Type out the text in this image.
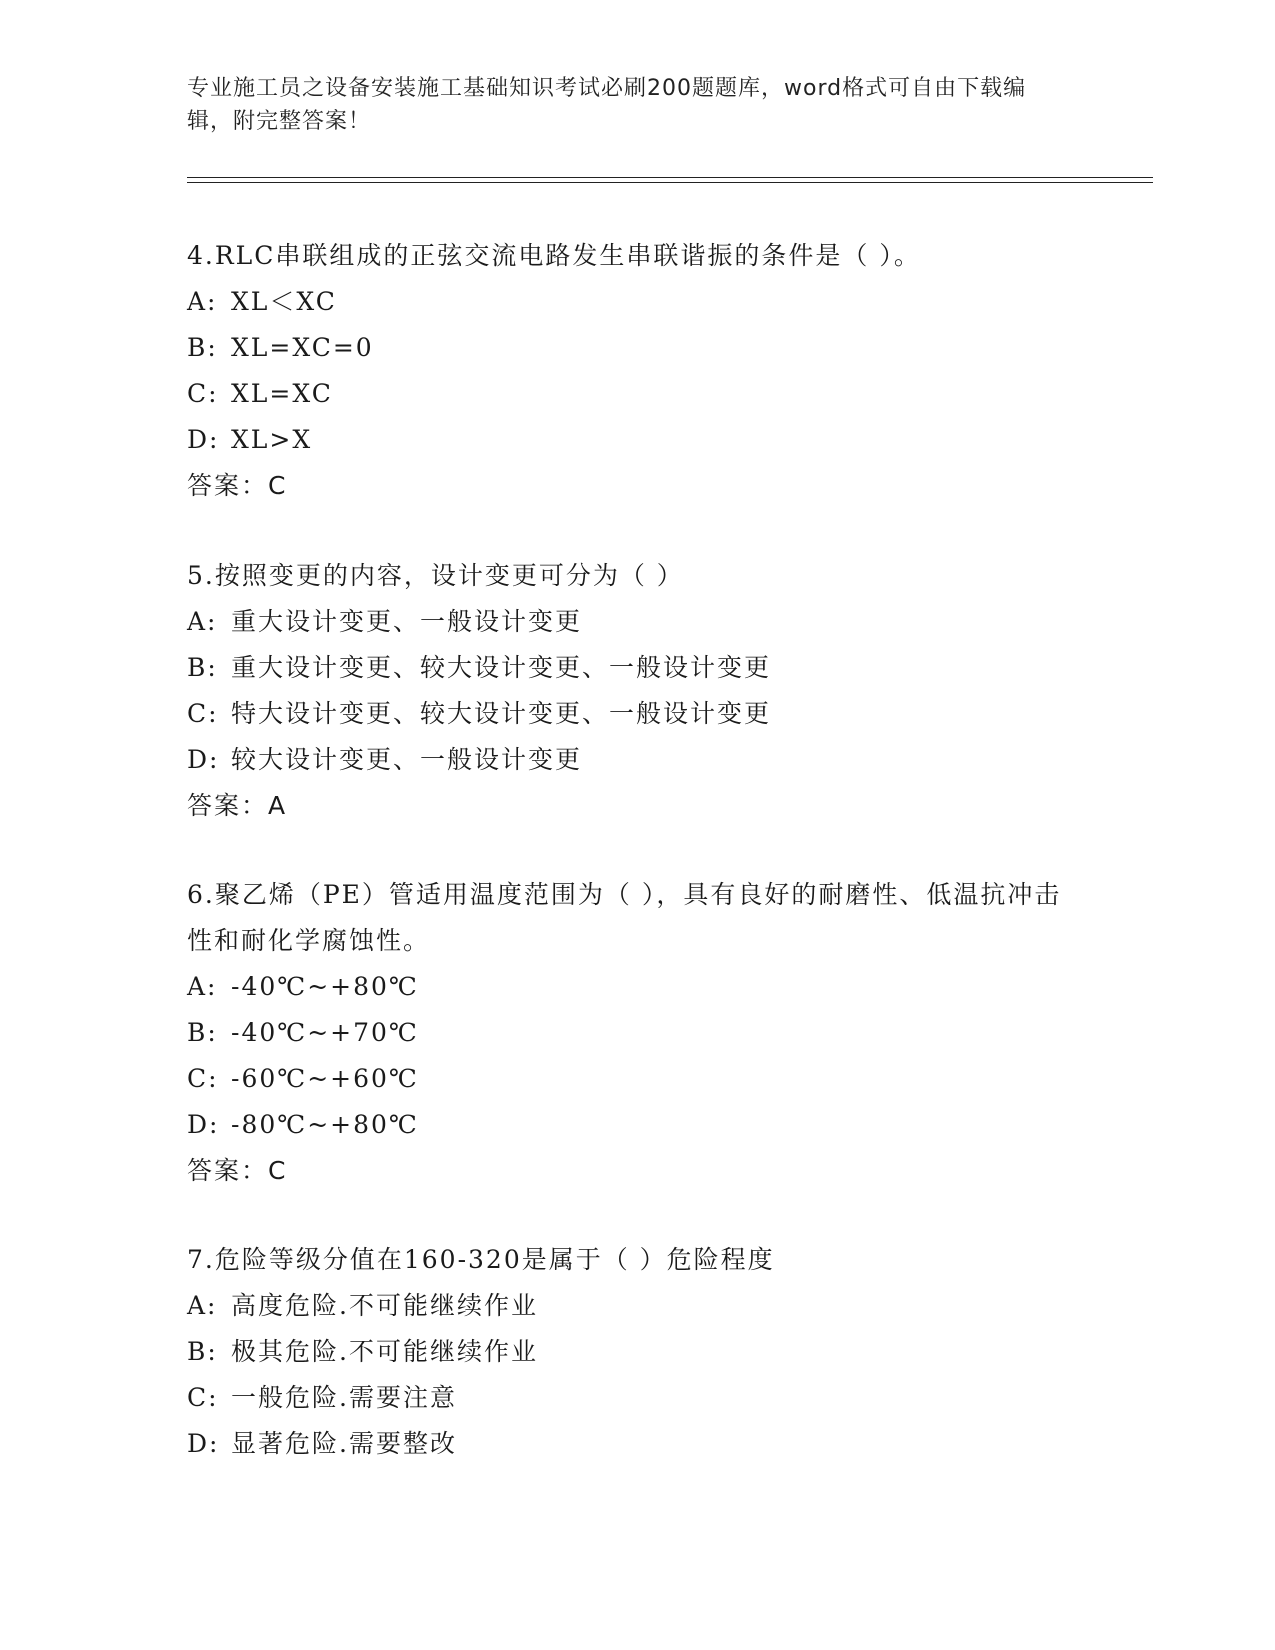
专业施工员之设备安装施工基础知识考试必刷200题题库，word格式可自由下载编辑，附完整答案！
4.RLC串联组成的正弦交流电路发生串联谐振的条件是（ ）。
A: XL＜XC
B: XL=XC=0
C: XL=XC
D: XL>X
答案：C
5.按照变更的内容，设计变更可分为（ ）
A: 重大设计变更、一般设计变更
B: 重大设计变更、较大设计变更、一般设计变更
C: 特大设计变更、较大设计变更、一般设计变更
D: 较大设计变更、一般设计变更
答案：A
6.聚乙烯（PE）管适用温度范围为（ ），具有良好的耐磨性、低温抗冲击性和耐化学腐蚀性。
A: -40℃~+80℃
B: -40℃~+70℃
C: -60℃~+60℃
D: -80℃~+80℃
答案：C
7.危险等级分值在160-320是属于（ ）危险程度
A: 高度危险.不可能继续作业
B: 极其危险.不可能继续作业
C: 一般危险.需要注意
D: 显著危险.需要整改
